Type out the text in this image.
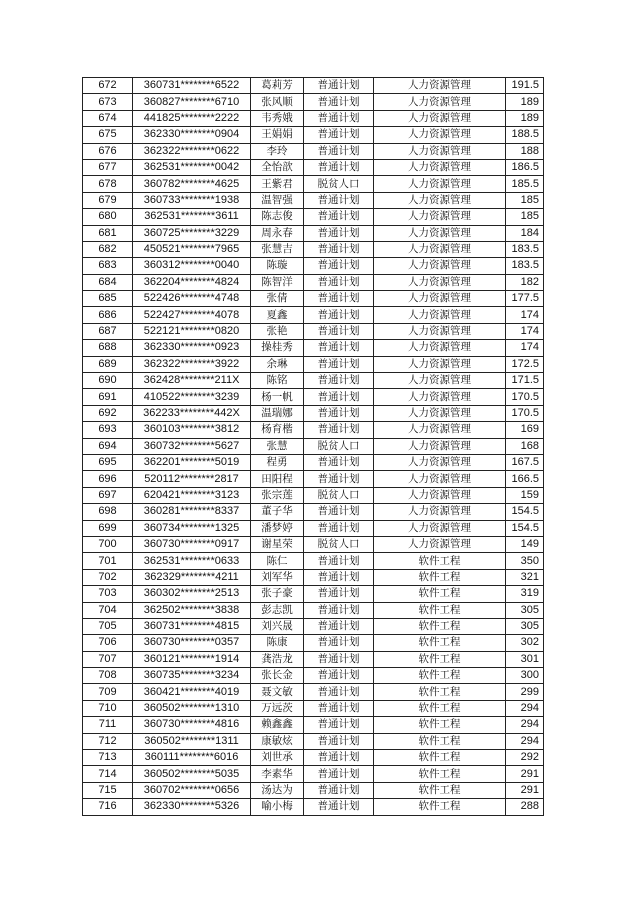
672	360731********6522	葛莉芳	普通计划	人力资源管理	191.5
673	360827********6710	张风顺	普通计划	人力资源管理	189
674	441825********2222	韦秀娥	普通计划	人力资源管理	189
675	362330********0904	王娟娟	普通计划	人力资源管理	188.5
676	362322********0622	李玲	普通计划	人力资源管理	188
677	362531********0042	全怡歆	普通计划	人力资源管理	186.5
678	360782********4625	王紫君	脱贫人口	人力资源管理	185.5
679	360733********1938	温智强	普通计划	人力资源管理	185
680	362531********3611	陈志俊	普通计划	人力资源管理	185
681	360725********3229	周永春	普通计划	人力资源管理	184
682	450521********7965	张慧吉	普通计划	人力资源管理	183.5
683	360312********0040	陈璇	普通计划	人力资源管理	183.5
684	362204********4824	陈智洋	普通计划	人力资源管理	182
685	522426********4748	张倩	普通计划	人力资源管理	177.5
686	522427********4078	夏鑫	普通计划	人力资源管理	174
687	522121********0820	张艳	普通计划	人力资源管理	174
688	362330********0923	操桂秀	普通计划	人力资源管理	174
689	362322********3922	余琳	普通计划	人力资源管理	172.5
690	362428********211X	陈铭	普通计划	人力资源管理	171.5
691	410522********3239	杨一帆	普通计划	人力资源管理	170.5
692	362233********442X	温瑞娜	普通计划	人力资源管理	170.5
693	360103********3812	杨育楷	普通计划	人力资源管理	169
694	360732********5627	张慧	脱贫人口	人力资源管理	168
695	362201********5019	程勇	普通计划	人力资源管理	167.5
696	520112********2817	田阳程	普通计划	人力资源管理	166.5
697	620421********3123	张宗莲	脱贫人口	人力资源管理	159
698	360281********8337	董子华	普通计划	人力资源管理	154.5
699	360734********1325	潘梦婷	普通计划	人力资源管理	154.5
700	360730********0917	谢星荣	脱贫人口	人力资源管理	149
701	362531********0633	陈仁	普通计划	软件工程	350
702	362329********4211	刘军华	普通计划	软件工程	321
703	360302********2513	张子豪	普通计划	软件工程	319
704	362502********3838	彭志凯	普通计划	软件工程	305
705	360731********4815	刘兴晟	普通计划	软件工程	305
706	360730********0357	陈康	普通计划	软件工程	302
707	360121********1914	龚浩龙	普通计划	软件工程	301
708	360735********3234	张长金	普通计划	软件工程	300
709	360421********4019	聂文敏	普通计划	软件工程	299
710	360502********1310	万远茨	普通计划	软件工程	294
711	360730********4816	赖鑫鑫	普通计划	软件工程	294
712	360502********1311	康敏炫	普通计划	软件工程	294
713	360111********6016	刘世承	普通计划	软件工程	292
714	360502********5035	李素华	普通计划	软件工程	291
715	360702********0656	汤达为	普通计划	软件工程	291
716	362330********5326	喻小梅	普通计划	软件工程	288
